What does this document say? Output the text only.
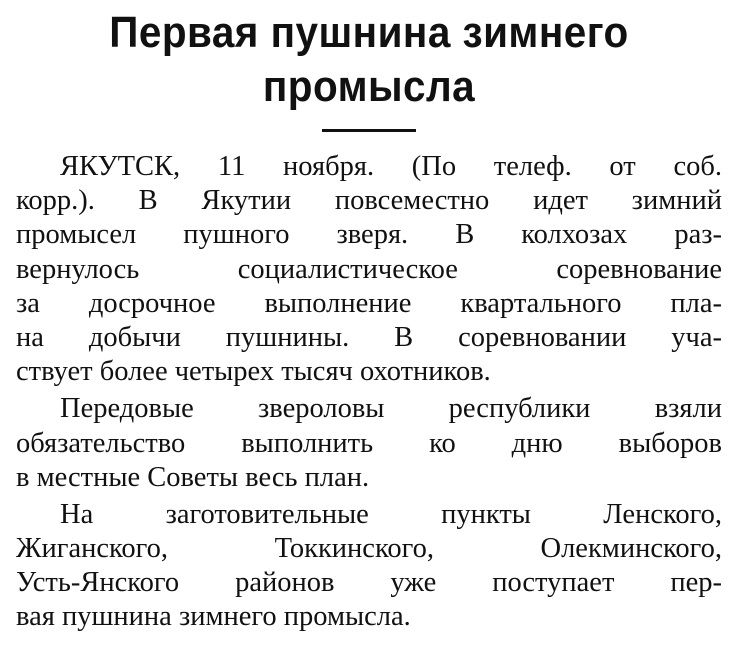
Первая пушнина зимнего
промысла
ЯКУТСК, 11 ноября. (По телеф. от соб.
корр.). В Якутии повсеместно идет зимний
промысел пушного зверя. В колхозах раз-
вернулось социалистическое соревнование
за досрочное выполнение квартального пла-
на добычи пушнины. В соревновании уча-
ствует более четырех тысяч охотников.
Передовые звероловы республики взяли
обязательство выполнить ко дню выборов
в местные Советы весь план.
На заготовительные пункты Ленского,
Жиганского, Токкинского, Олекминского,
Усть-Янского районов уже поступает пер-
вая пушнина зимнего промысла.
